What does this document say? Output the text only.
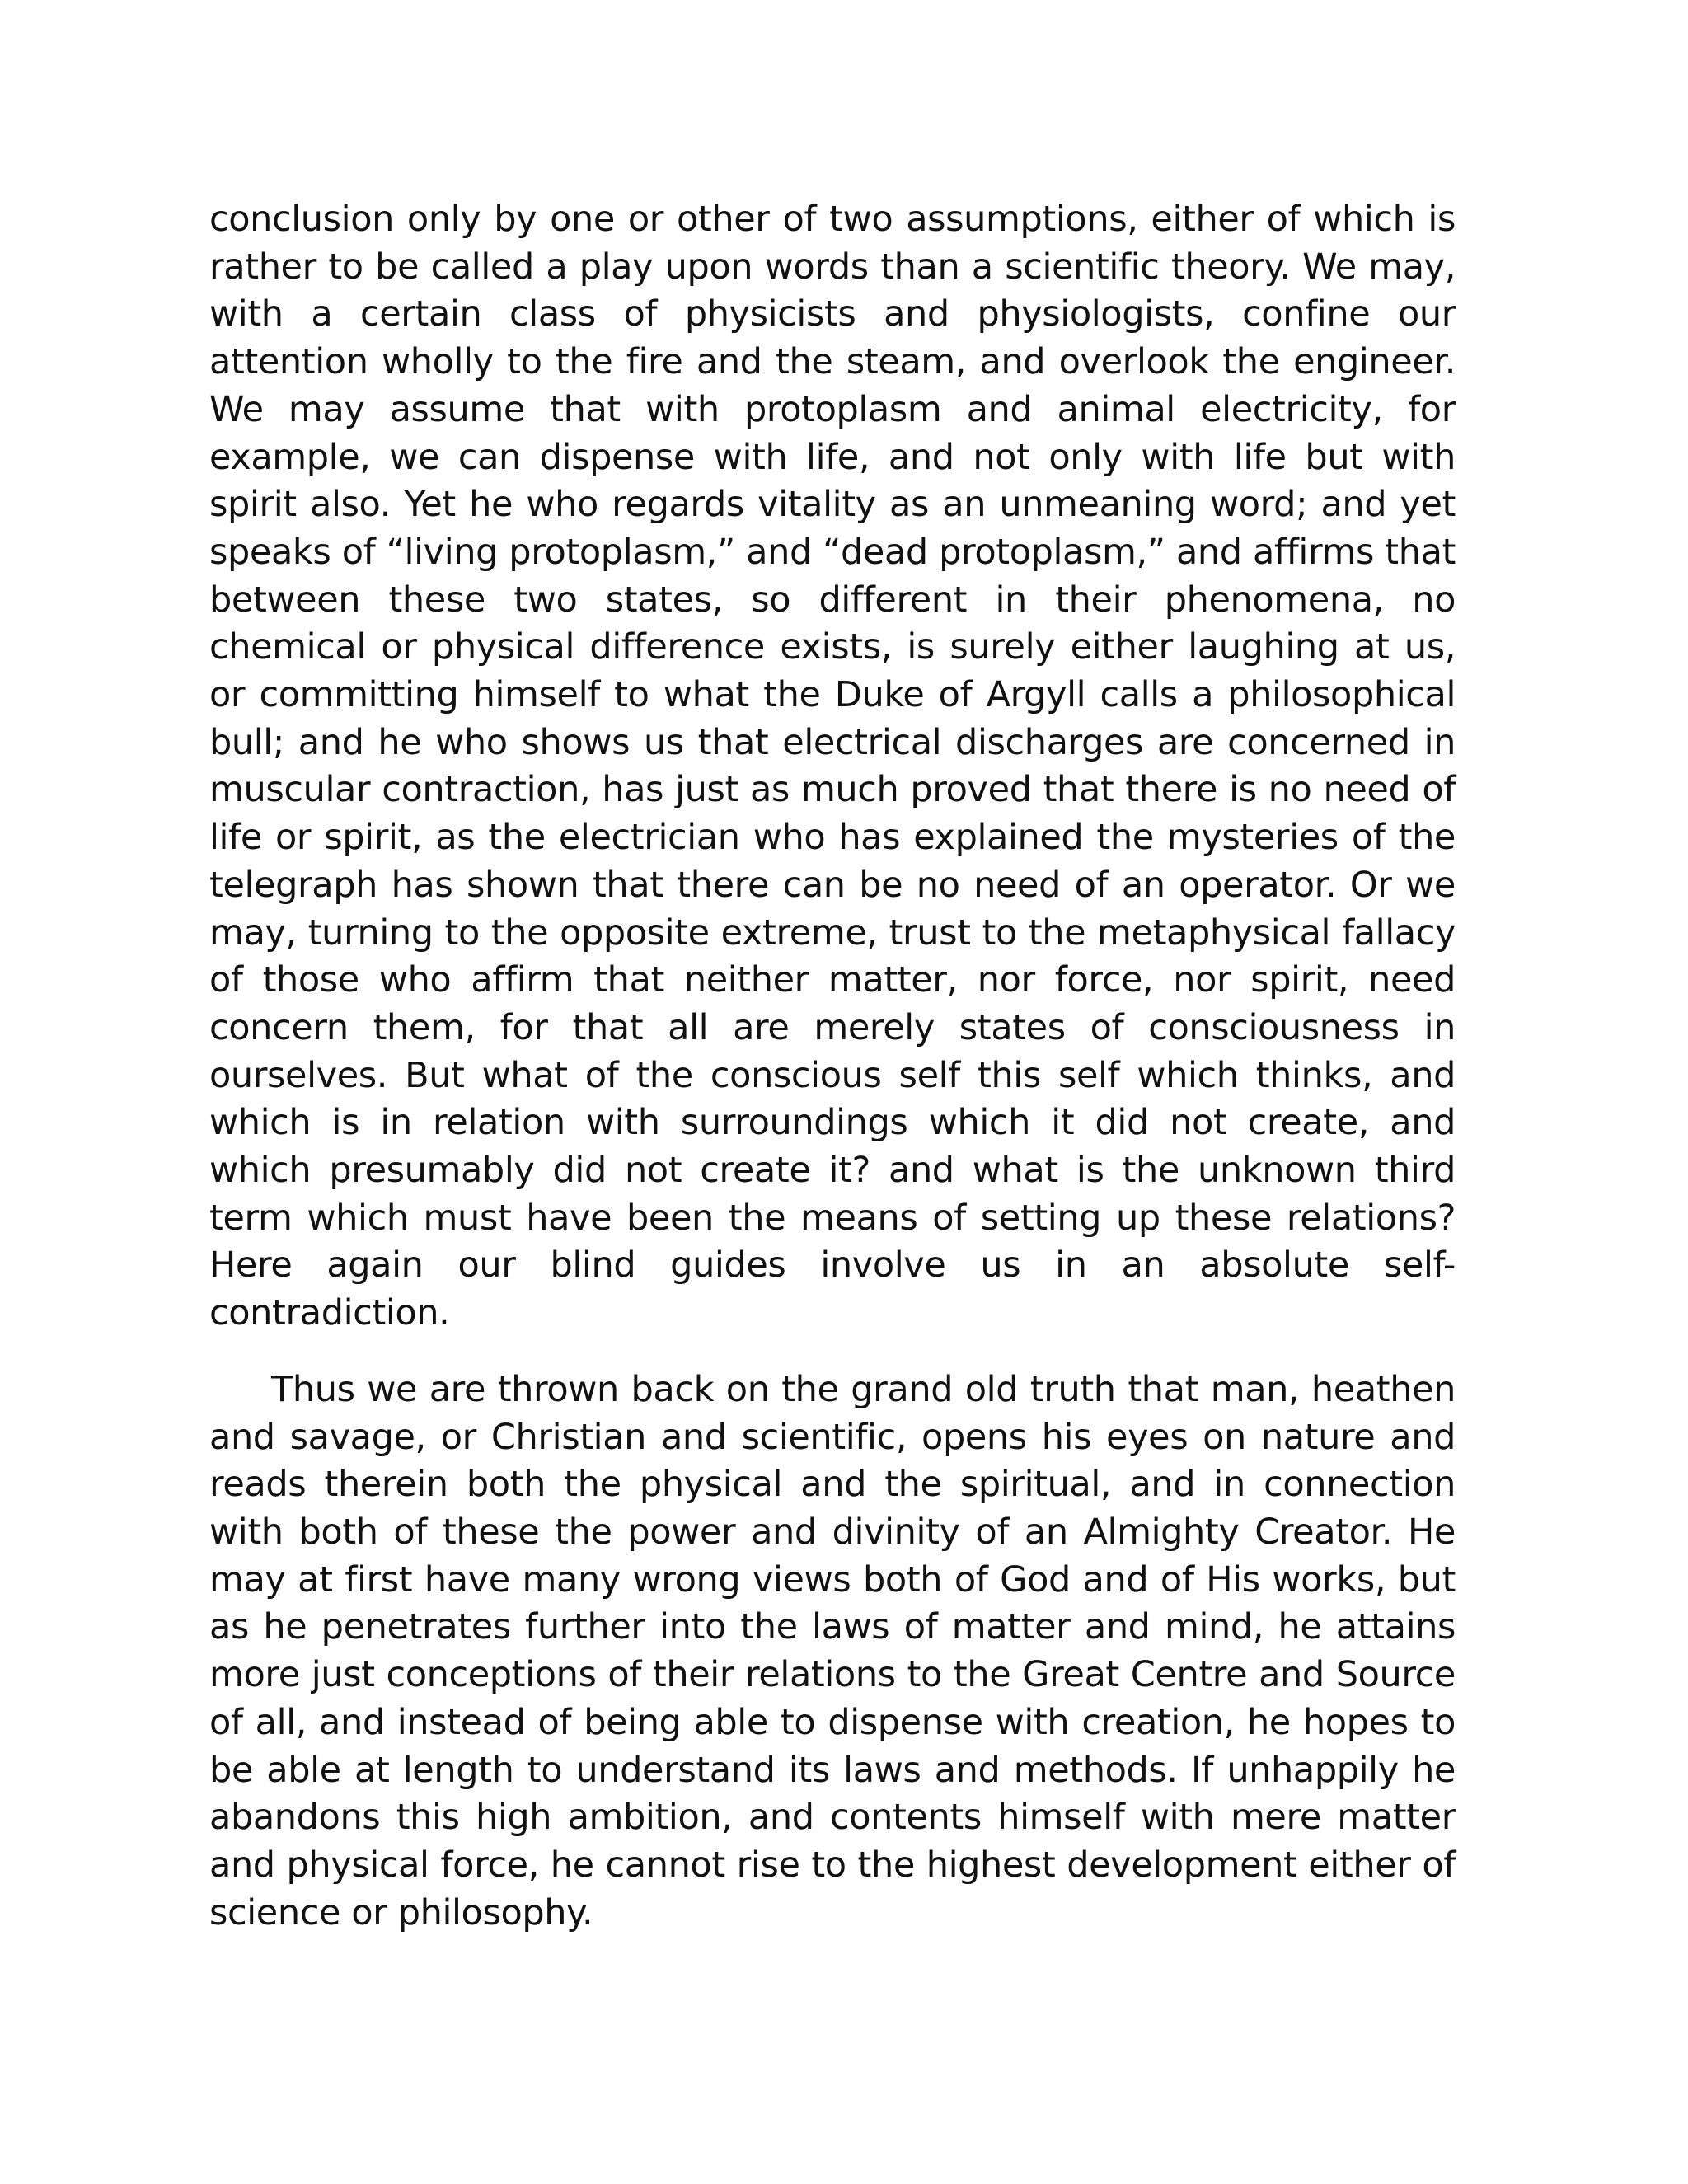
conclusion only by one or other of two assumptions, either of which is rather to be called a play upon words than a scientific theory. We may, with a certain class of physicists and physiologists, confine our attention wholly to the fire and the steam, and overlook the engineer. We may assume that with protoplasm and animal electricity, for example, we can dispense with life, and not only with life but with spirit also. Yet he who regards vitality as an unmeaning word; and yet speaks of “living protoplasm,” and “dead protoplasm,” and affirms that between these two states, so different in their phenomena, no chemical or physical difference exists, is surely either laughing at us, or committing himself to what the Duke of Argyll calls a philosophical bull; and he who shows us that electrical discharges are concerned in muscular contraction, has just as much proved that there is no need of life or spirit, as the electrician who has explained the mysteries of the telegraph has shown that there can be no need of an operator. Or we may, turning to the opposite extreme, trust to the metaphysical fallacy of those who affirm that neither matter, nor force, nor spirit, need concern them, for that all are merely states of consciousness in ourselves. But what of the conscious self this self which thinks, and which is in relation with surroundings which it did not create, and which presumably did not create it? and what is the unknown third term which must have been the means of setting up these relations? Here again our blind guides involve us in an absolute self-contradiction.

Thus we are thrown back on the grand old truth that man, heathen and savage, or Christian and scientific, opens his eyes on nature and reads therein both the physical and the spiritual, and in connection with both of these the power and divinity of an Almighty Creator. He may at first have many wrong views both of God and of His works, but as he penetrates further into the laws of matter and mind, he attains more just conceptions of their relations to the Great Centre and Source of all, and instead of being able to dispense with creation, he hopes to be able at length to understand its laws and methods. If unhappily he abandons this high ambition, and contents himself with mere matter and physical force, he cannot rise to the highest development either of science or philosophy.
